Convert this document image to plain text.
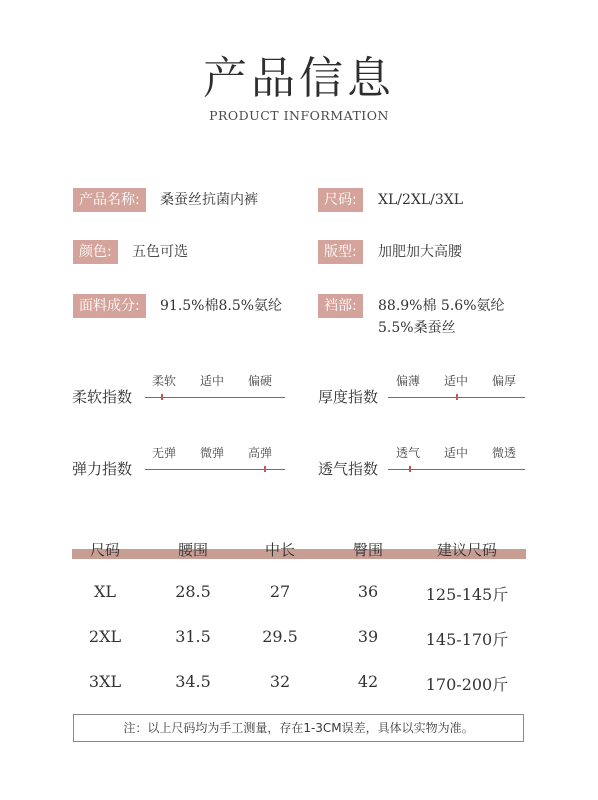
产品信息
PRODUCT INFORMATION
产品名称:	桑蚕丝抗菌内裤	尺码:	XL/2XL/3XL
颜色:	五色可选	版型:	加肥加大高腰
面料成分:	91.5%棉8.5%氨纶	裆部:	88.9%棉 5.6%氨纶
5.5%桑蚕丝
柔软指数
柔软 适中 偏硬
厚度指数
偏薄 适中 偏厚
弹力指数
无弹 微弹 高弹
透气指数
透气 适中 微透
尺码	腰围	中长	臀围	建议尺码
XL	28.5	27	36	125-145斤
2XL	31.5	29.5	39	145-170斤
3XL	34.5	32	42	170-200斤
注：以上尺码均为手工测量，存在1-3CM误差，具体以实物为准。
